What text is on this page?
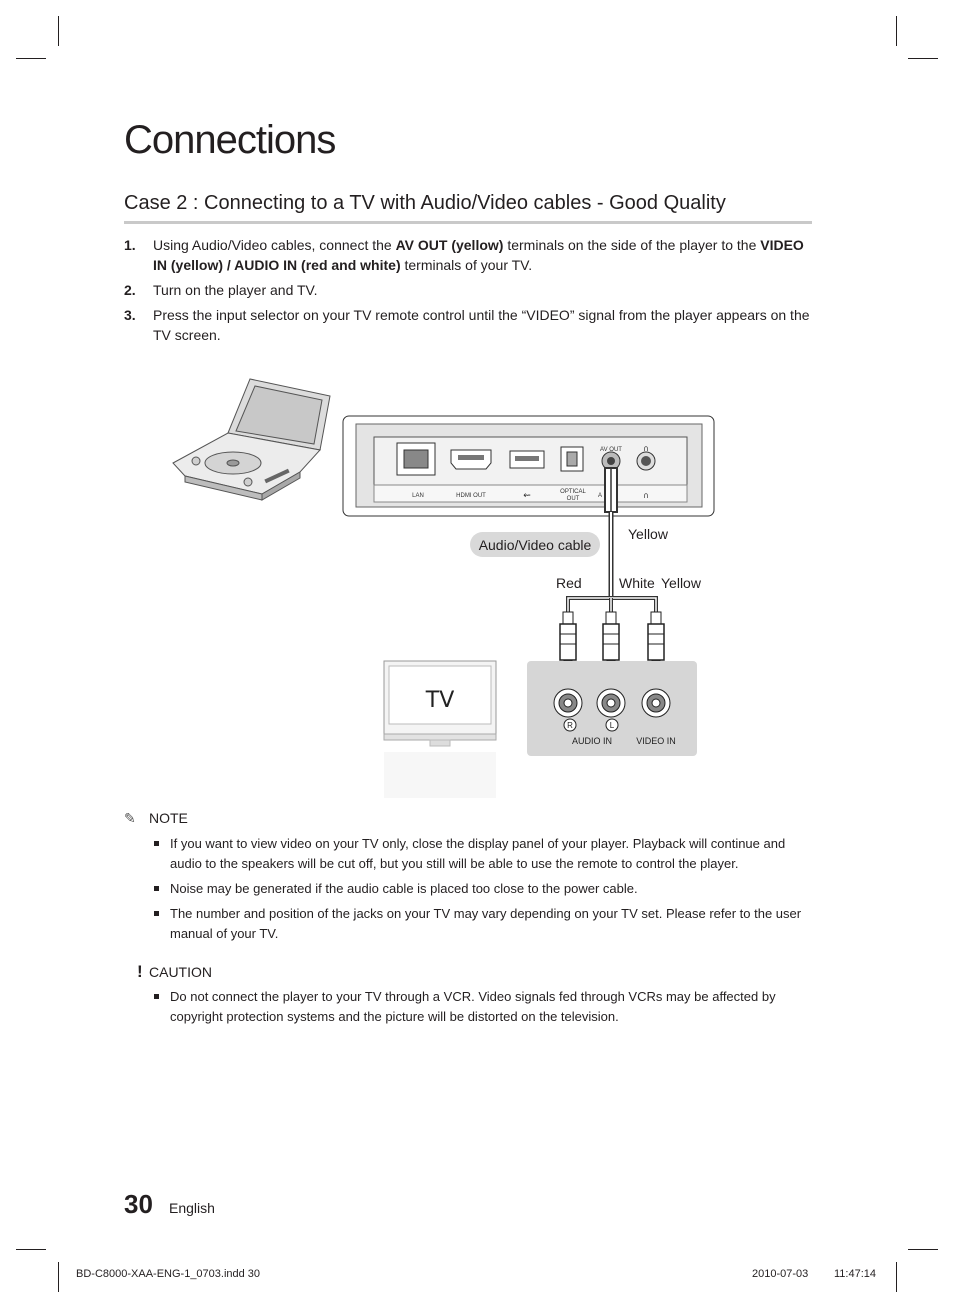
Connections
Case 2 : Connecting to a TV with Audio/Video cables - Good Quality
1. Using Audio/Video cables, connect the AV OUT (yellow) terminals on the side of the player to the VIDEO IN (yellow) / AUDIO IN (red and white) terminals of your TV.
2. Turn on the player and TV.
3. Press the input selector on your TV remote control until the “VIDEO” signal from the player appears on the TV screen.
LAN	HDMI OUT	⇜	OPTICAL
OUT
AV OUT
A
∩
∩
R	L
AUDIO IN	VIDEO IN
TV
Audio/Video cable
Yellow
Red	White Yellow
✎ NOTE
If you want to view video on your TV only, close the display panel of your player. Playback will continue and audio to the speakers will be cut off, but you still will be able to use the remote to control the player.
Noise may be generated if the audio cable is placed too close to the power cable.
The number and position of the jacks on your TV may vary depending on your TV set. Please refer to the user manual of your TV.
! CAUTION
Do not connect the player to your TV through a VCR. Video signals fed through VCRs may be affected by copyright protection systems and the picture will be distorted on the television.
30 English
BD-C8000-XAA-ENG-1_0703.indd 30	2010-07-03 11:47:14
